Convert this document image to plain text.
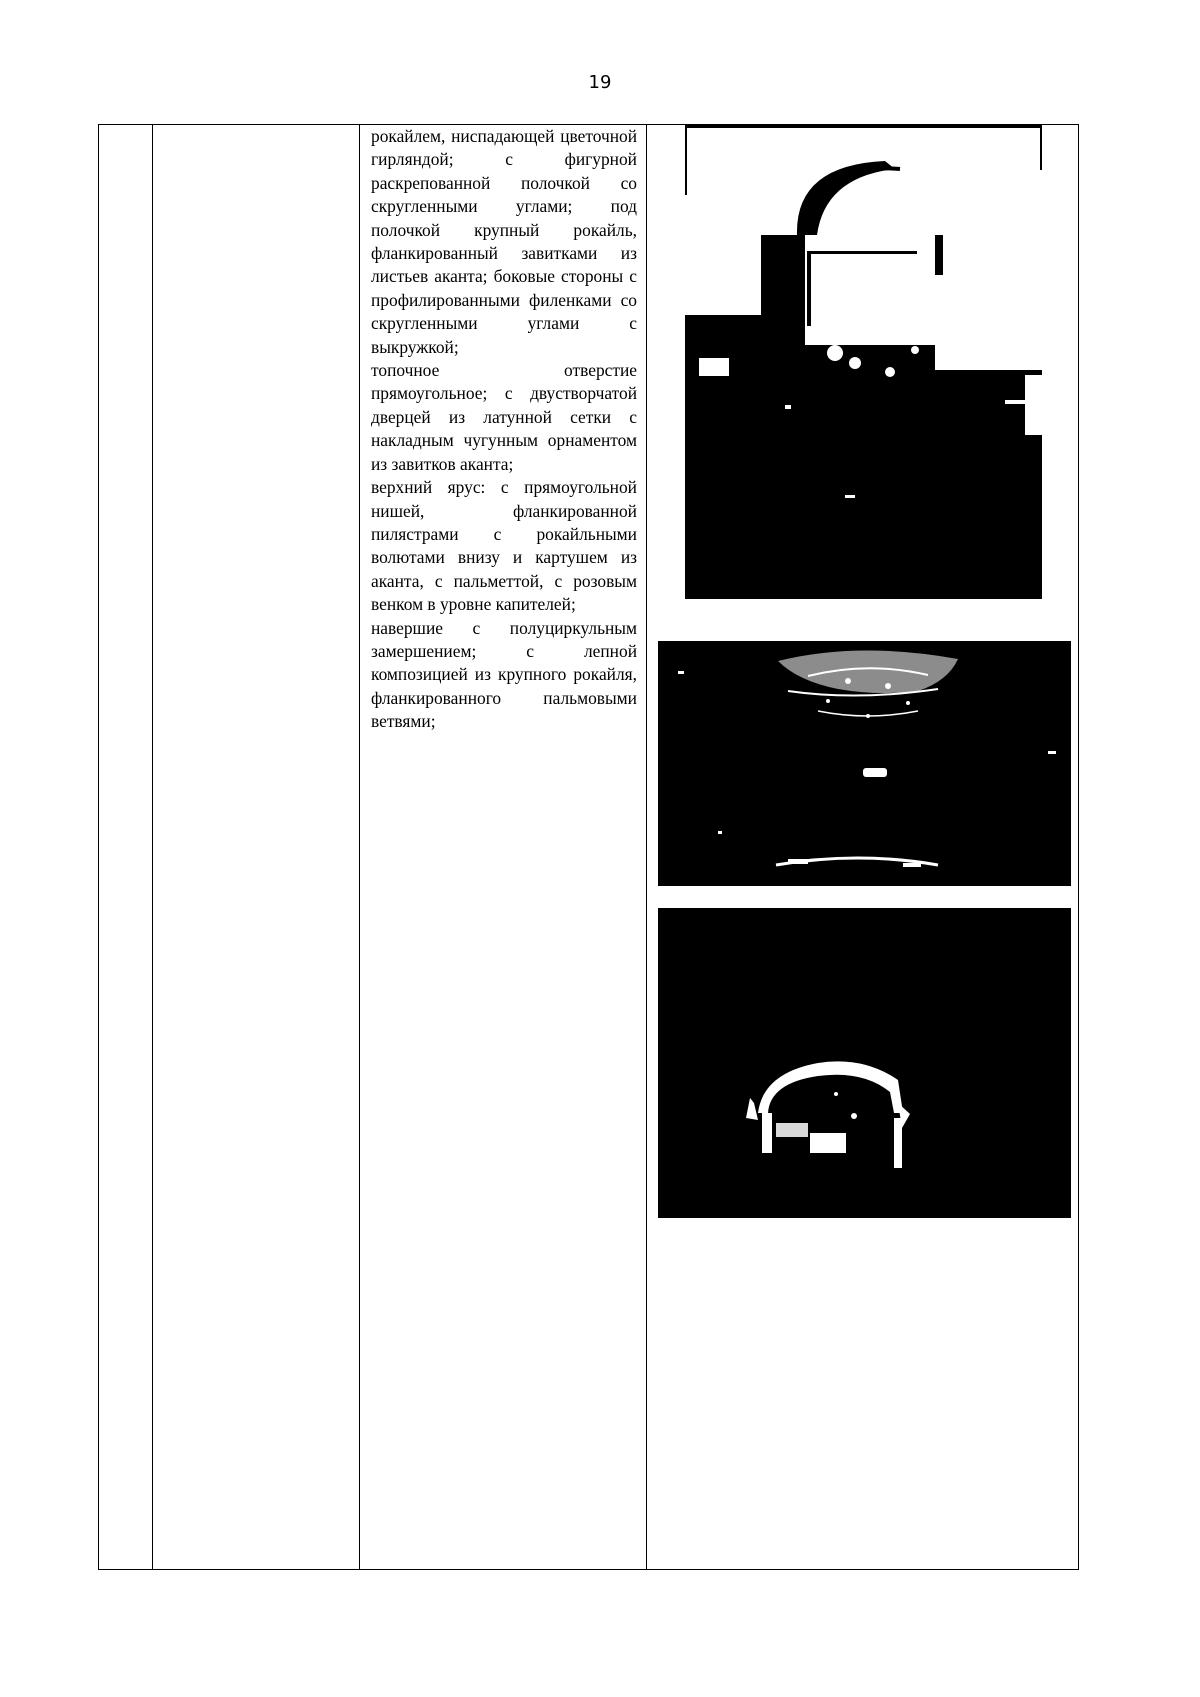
19

рокайлем, ниспадающей цветочной гирляндой; с фигурной раскрепованной полочкой со скругленными углами; под полочкой крупный рокайль, фланкированный завитками из листьев аканта; боковые стороны с профилированными филенками со скругленными углами с выкружкой;

топочное отверстие прямоугольное; с двустворчатой дверцей из латунной сетки с накладным чугунным орнаментом из завитков аканта;

верхний ярус: с прямоугольной нишей, фланкированной пилястрами с рокайльными волютами внизу и картушем из аканта, с пальметтой, с розовым венком в уровне капителей;

навершие с полуциркульным замершением; с лепной композицией из крупного рокайля, фланкированного пальмовыми ветвями;
